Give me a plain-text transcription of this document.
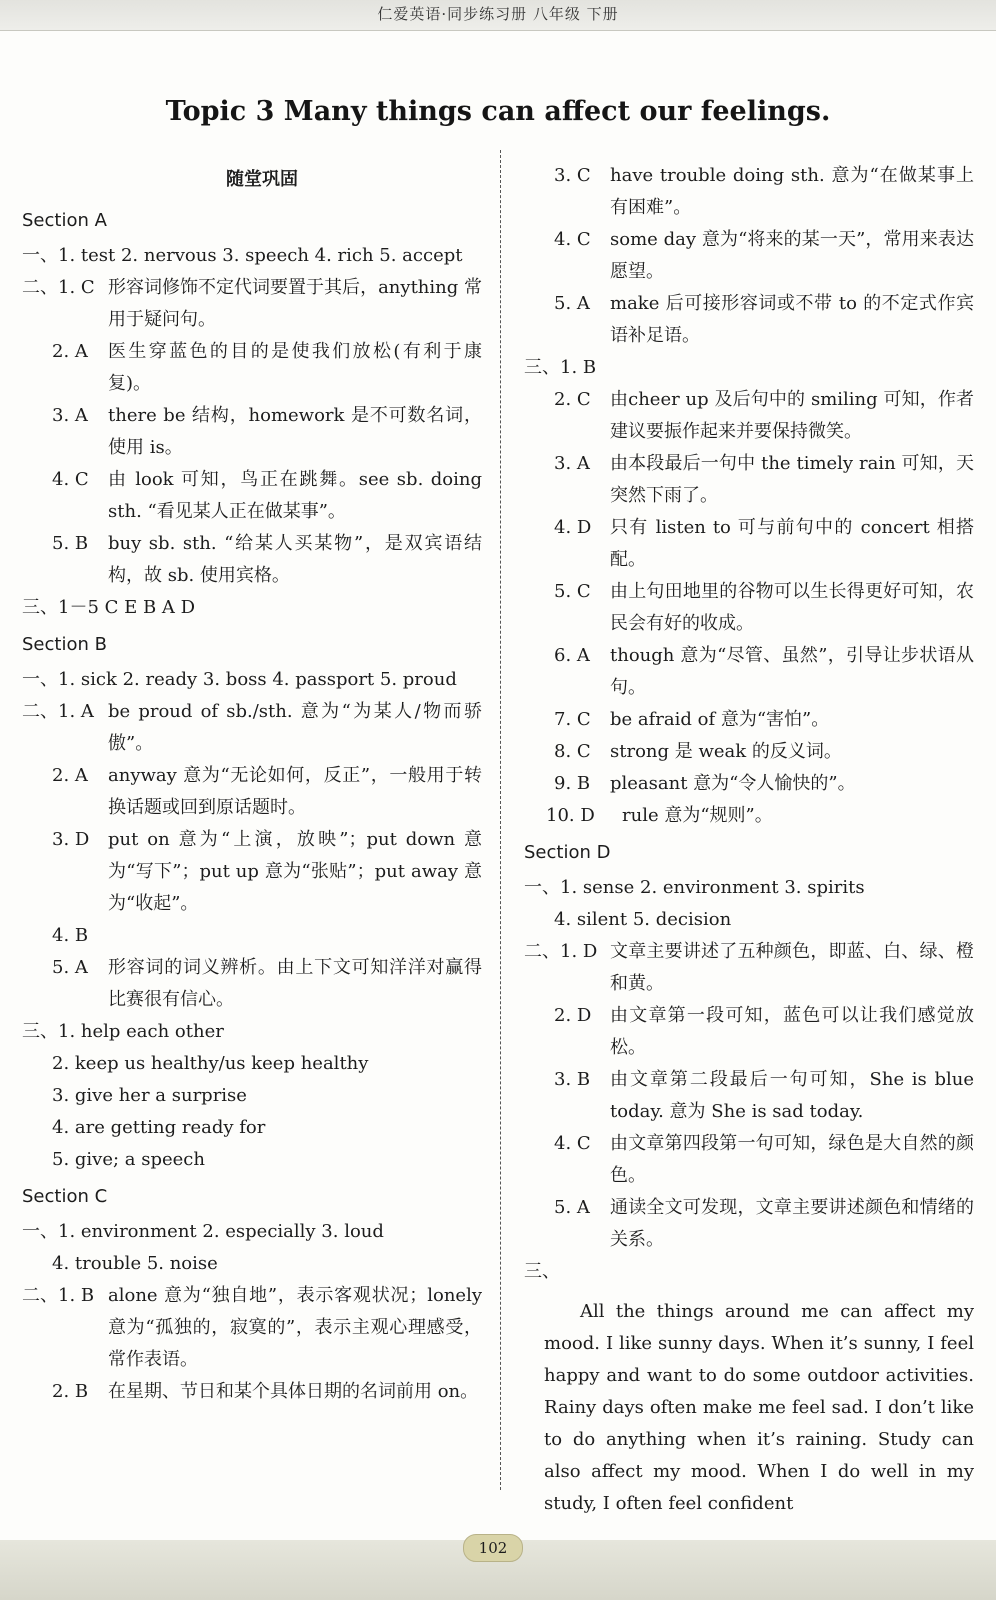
仁爱英语·同步练习册 八年级 下册
Topic 3 Many things can affect our feelings.
随堂巩固
Section A
一、1. test 2. nervous 3. speech 4. rich 5. accept
二、1. C 形容词修饰不定代词要置于其后，anything 常用于疑问句。
2. A	医生穿蓝色的目的是使我们放松(有利于康复)。
3. A	there be 结构，homework 是不可数名词，使用 is。
4. C	由 look 可知，鸟正在跳舞。see sb. doing sth. “看见某人正在做某事”。
5. B	buy sb. sth. “给某人买某物”，是双宾语结构，故 sb. 使用宾格。
三、1－5 C E B A D
Section B
一、1. sick 2. ready 3. boss 4. passport 5. proud
二、1. A be proud of sb./sth. 意为“为某人/物而骄傲”。
2. A	anyway 意为“无论如何，反正”，一般用于转换话题或回到原话题时。
3. D	put on 意为“上演，放映”；put down 意为“写下”；put up 意为“张贴”；put away 意为“收起”。
4. B
5. A	形容词的词义辨析。由上下文可知洋洋对赢得比赛很有信心。
三、1. help each other
2. keep us healthy/us keep healthy
3. give her a surprise
4. are getting ready for
5. give; a speech
Section C
一、1. environment 2. especially 3. loud
4. trouble 5. noise
二、1. B alone 意为“独自地”，表示客观状况；lonely 意为“孤独的，寂寞的”，表示主观心理感受，常作表语。
2. B	在星期、节日和某个具体日期的名词前用 on。
3. C	have trouble doing sth. 意为“在做某事上有困难”。
4. C	some day 意为“将来的某一天”，常用来表达愿望。
5. A	make 后可接形容词或不带 to 的不定式作宾语补足语。
三、1. B
2. C	由cheer up 及后句中的 smiling 可知，作者建议要振作起来并要保持微笑。
3. A	由本段最后一句中 the timely rain 可知，天突然下雨了。
4. D	只有 listen to 可与前句中的 concert 相搭配。
5. C	由上句田地里的谷物可以生长得更好可知，农民会有好的收成。
6. A	though 意为“尽管、虽然”，引导让步状语从句。
7. C	be afraid of 意为“害怕”。
8. C	strong 是 weak 的反义词。
9. B	pleasant 意为“令人愉快的”。
10. D	rule 意为“规则”。
Section D
一、1. sense 2. environment 3. spirits
4. silent 5. decision
二、1. D 文章主要讲述了五种颜色，即蓝、白、绿、橙和黄。
2. D	由文章第一段可知，蓝色可以让我们感觉放松。
3. B	由文章第二段最后一句可知，She is blue today. 意为 She is sad today.
4. C	由文章第四段第一句可知，绿色是大自然的颜色。
5. A	通读全文可发现，文章主要讲述颜色和情绪的关系。
三、
All the things around me can affect my mood. I like sunny days. When it’s sunny, I feel happy and want to do some outdoor activities. Rainy days often make me feel sad. I don’t like to do anything when it’s raining. Study can also affect my mood. When I do well in my study, I often feel confident
102
